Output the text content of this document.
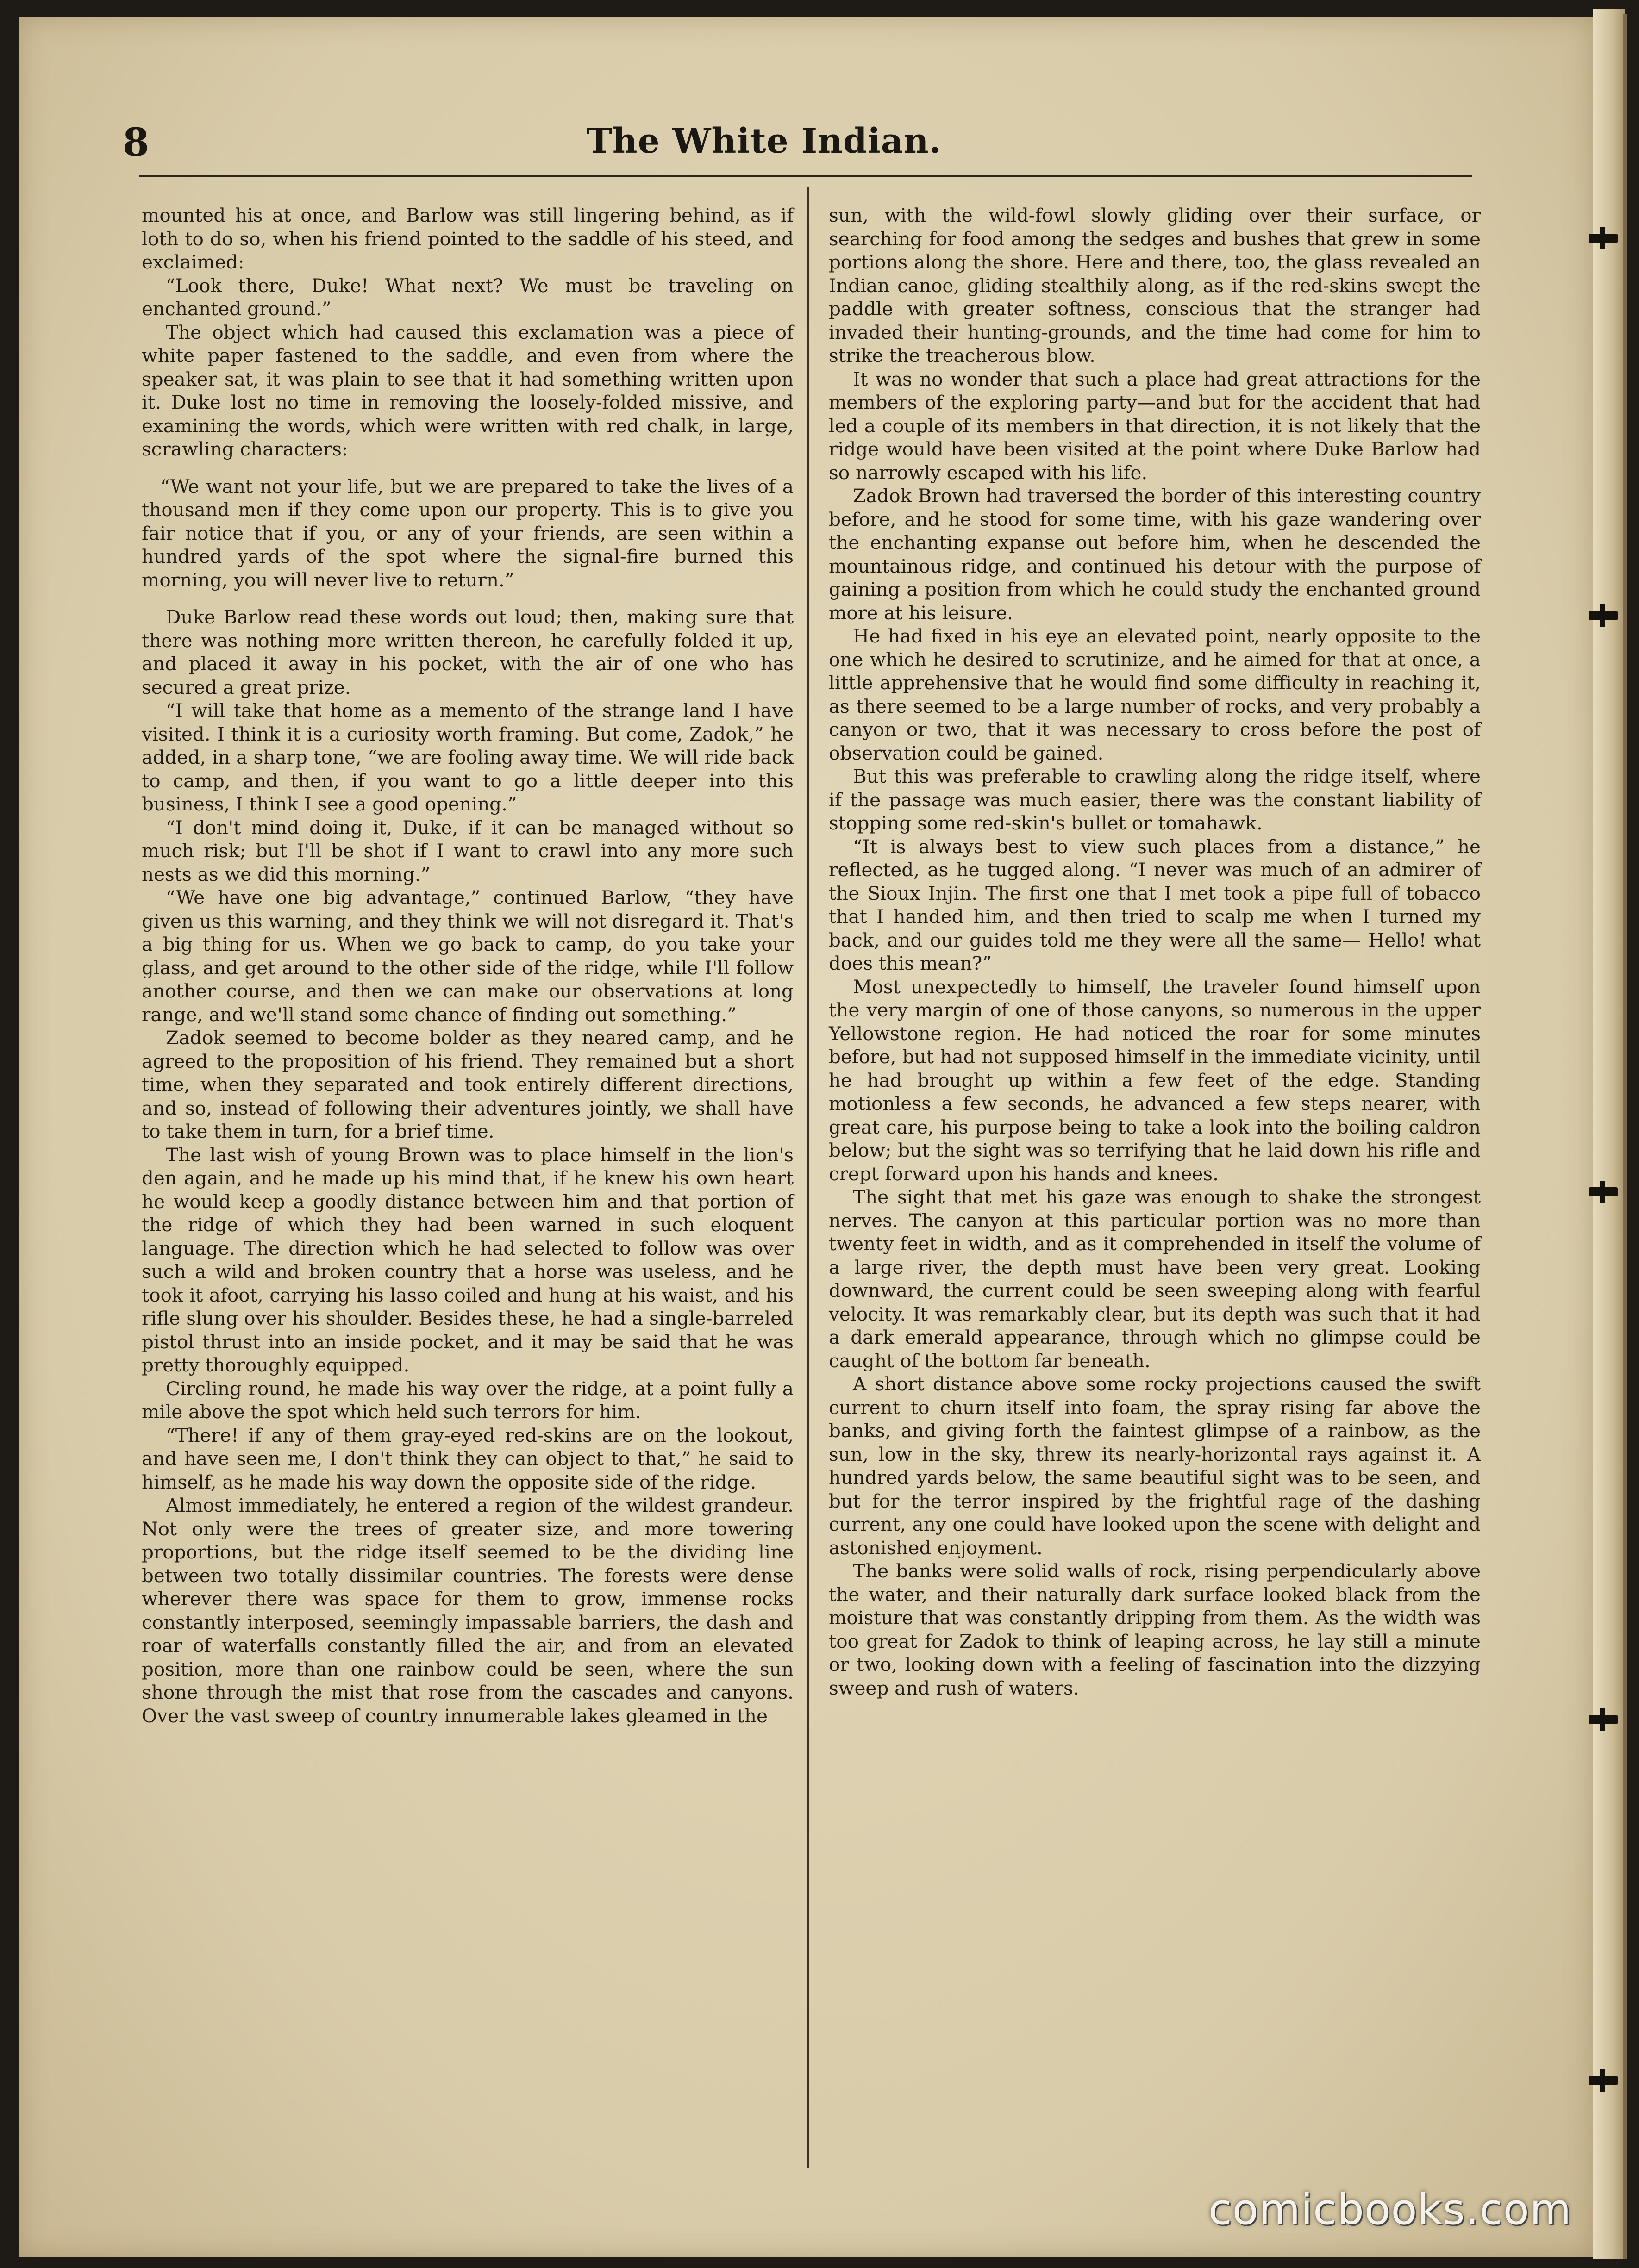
8	The White Indian.

mounted his at once, and Barlow was still lingering behind, as if loth to do so, when his friend pointed to the saddle of his steed, and exclaimed:

“Look there, Duke! What next? We must be traveling on enchanted ground.”

The object which had caused this exclamation was a piece of white paper fastened to the saddle, and even from where the speaker sat, it was plain to see that it had something written upon it. Duke lost no time in removing the loosely-folded missive, and examining the words, which were written with red chalk, in large, scrawling characters:

“We want not your life, but we are prepared to take the lives of a thousand men if they come upon our property. This is to give you fair notice that if you, or any of your friends, are seen within a hundred yards of the spot where the signal-fire burned this morning, you will never live to return.”

Duke Barlow read these words out loud; then, making sure that there was nothing more written thereon, he carefully folded it up, and placed it away in his pocket, with the air of one who has secured a great prize.

“I will take that home as a memento of the strange land I have visited. I think it is a curiosity worth framing. But come, Zadok,” he added, in a sharp tone, “we are fooling away time. We will ride back to camp, and then, if you want to go a little deeper into this business, I think I see a good opening.”

“I don't mind doing it, Duke, if it can be managed without so much risk; but I'll be shot if I want to crawl into any more such nests as we did this morning.”

“We have one big advantage,” continued Barlow, “they have given us this warning, and they think we will not disregard it. That's a big thing for us. When we go back to camp, do you take your glass, and get around to the other side of the ridge, while I'll follow another course, and then we can make our observations at long range, and we'll stand some chance of finding out something.”

Zadok seemed to become bolder as they neared camp, and he agreed to the proposition of his friend. They remained but a short time, when they separated and took entirely different directions, and so, instead of following their adventures jointly, we shall have to take them in turn, for a brief time.

The last wish of young Brown was to place himself in the lion's den again, and he made up his mind that, if he knew his own heart he would keep a goodly distance between him and that portion of the ridge of which they had been warned in such eloquent language. The direction which he had selected to follow was over such a wild and broken country that a horse was useless, and he took it afoot, carrying his lasso coiled and hung at his waist, and his rifle slung over his shoulder. Besides these, he had a single-barreled pistol thrust into an inside pocket, and it may be said that he was pretty thoroughly equipped.

Circling round, he made his way over the ridge, at a point fully a mile above the spot which held such terrors for him.

“There! if any of them gray-eyed red-skins are on the lookout, and have seen me, I don't think they can object to that,” he said to himself, as he made his way down the opposite side of the ridge.

Almost immediately, he entered a region of the wildest grandeur. Not only were the trees of greater size, and more towering proportions, but the ridge itself seemed to be the dividing line between two totally dissimilar countries. The forests were dense wherever there was space for them to grow, immense rocks constantly interposed, seemingly impassable barriers, the dash and roar of waterfalls constantly filled the air, and from an elevated position, more than one rainbow could be seen, where the sun shone through the mist that rose from the cascades and canyons. Over the vast sweep of country innumerable lakes gleamed in the

sun, with the wild-fowl slowly gliding over their surface, or searching for food among the sedges and bushes that grew in some portions along the shore. Here and there, too, the glass revealed an Indian canoe, gliding stealthily along, as if the red-skins swept the paddle with greater softness, conscious that the stranger had invaded their hunting-grounds, and the time had come for him to strike the treacherous blow.

It was no wonder that such a place had great attractions for the members of the exploring party—and but for the accident that had led a couple of its members in that direction, it is not likely that the ridge would have been visited at the point where Duke Barlow had so narrowly escaped with his life.

Zadok Brown had traversed the border of this interesting country before, and he stood for some time, with his gaze wandering over the enchanting expanse out before him, when he descended the mountainous ridge, and continued his detour with the purpose of gaining a position from which he could study the enchanted ground more at his leisure.

He had fixed in his eye an elevated point, nearly opposite to the one which he desired to scrutinize, and he aimed for that at once, a little apprehensive that he would find some difficulty in reaching it, as there seemed to be a large number of rocks, and very probably a canyon or two, that it was necessary to cross before the post of observation could be gained.

But this was preferable to crawling along the ridge itself, where if the passage was much easier, there was the constant liability of stopping some red-skin's bullet or tomahawk.

“It is always best to view such places from a distance,” he reflected, as he tugged along. “I never was much of an admirer of the Sioux Injin. The first one that I met took a pipe full of tobacco that I handed him, and then tried to scalp me when I turned my back, and our guides told me they were all the same— Hello! what does this mean?”

Most unexpectedly to himself, the traveler found himself upon the very margin of one of those canyons, so numerous in the upper Yellowstone region. He had noticed the roar for some minutes before, but had not supposed himself in the immediate vicinity, until he had brought up within a few feet of the edge. Standing motionless a few seconds, he advanced a few steps nearer, with great care, his purpose being to take a look into the boiling caldron below; but the sight was so terrifying that he laid down his rifle and crept forward upon his hands and knees.

The sight that met his gaze was enough to shake the strongest nerves. The canyon at this particular portion was no more than twenty feet in width, and as it comprehended in itself the volume of a large river, the depth must have been very great. Looking downward, the current could be seen sweeping along with fearful velocity. It was remarkably clear, but its depth was such that it had a dark emerald appearance, through which no glimpse could be caught of the bottom far beneath.

A short distance above some rocky projections caused the swift current to churn itself into foam, the spray rising far above the banks, and giving forth the faintest glimpse of a rainbow, as the sun, low in the sky, threw its nearly-horizontal rays against it. A hundred yards below, the same beautiful sight was to be seen, and but for the terror inspired by the frightful rage of the dashing current, any one could have looked upon the scene with delight and astonished enjoyment.

The banks were solid walls of rock, rising perpendicularly above the water, and their naturally dark surface looked black from the moisture that was constantly dripping from them. As the width was too great for Zadok to think of leaping across, he lay still a minute or two, looking down with a feeling of fascination into the dizzying sweep and rush of waters.

comicbooks.com
